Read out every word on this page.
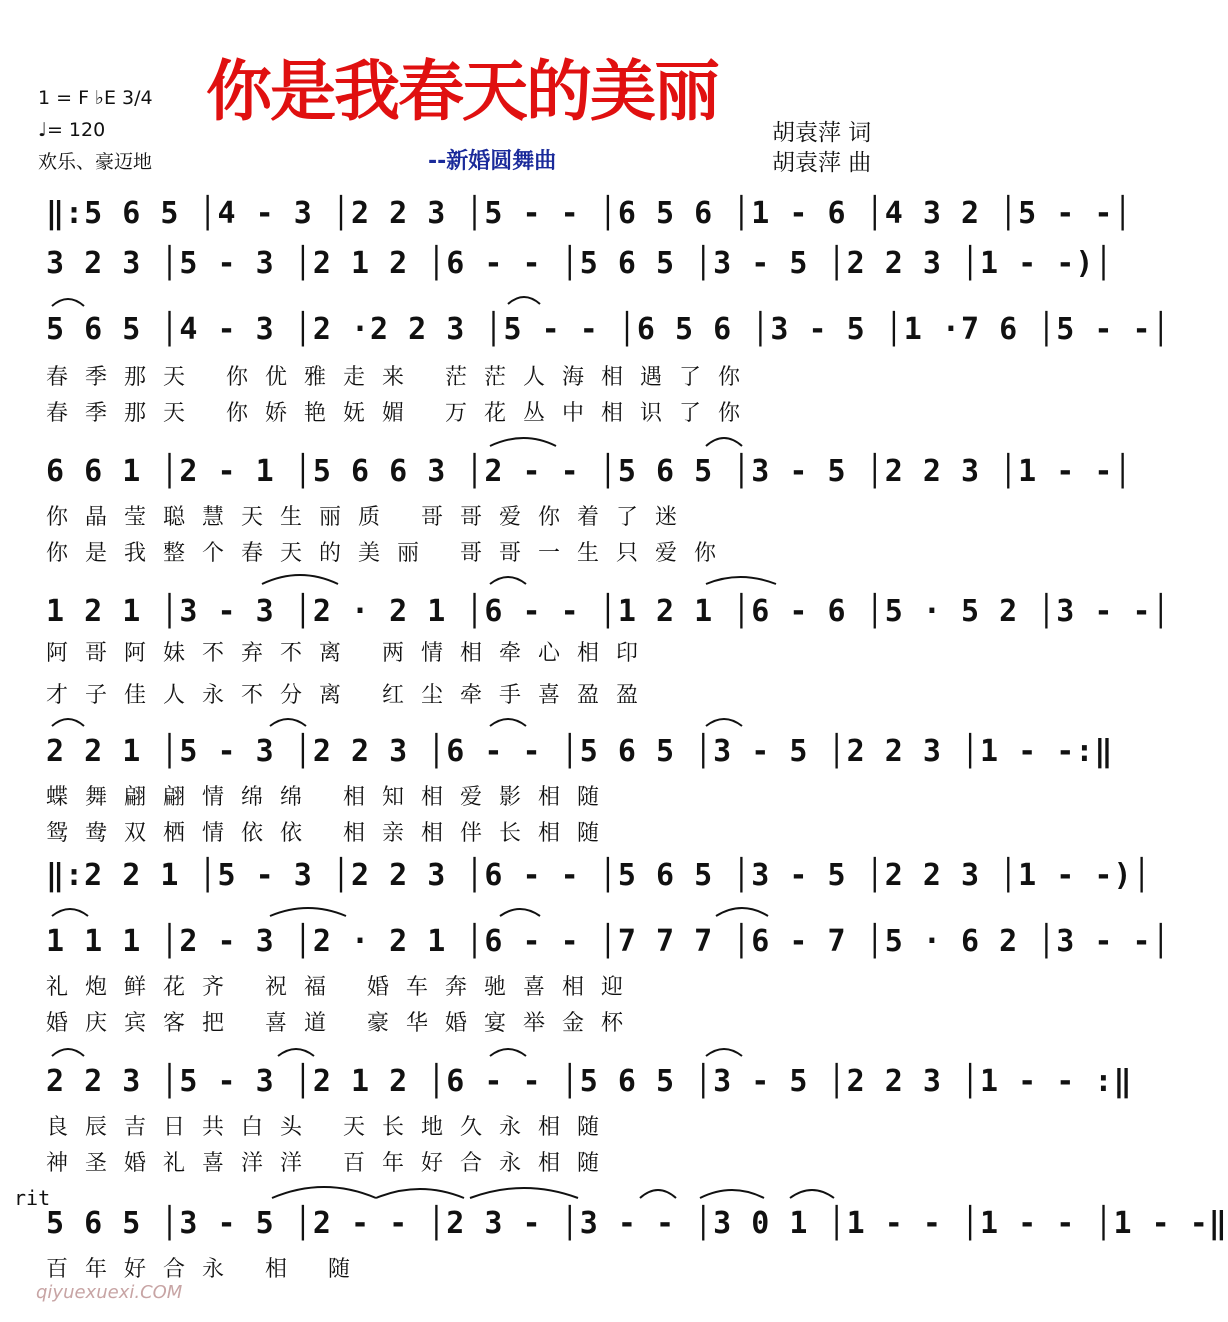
1 = F ♭E 3/4
♩= 120
欢乐、豪迈地
你是我春天的美丽
--新婚圆舞曲
胡袁萍 词
胡袁萍 曲
‖:5 6 5 │4 - 3 │2 2 3 │5 - - │6 5 6 │1 - 6 │4 3 2 │5 - -│
3 2 3 │5 - 3 │2 1 2 │6 - - │5 6 5 │3 - 5 │2 2 3 │1 - -)│
5 6 5 │4 - 3 │2 ·2 2 3 │5 - - │6 5 6 │3 - 5 │1 ·7 6 │5 - -│
春季那天 你优雅走来 茫茫人海相遇了你
春季那天 你娇艳妩媚 万花丛中相识了你
6 6 1 │2 - 1 │5 6 6 3 │2 - - │5 6 5 │3 - 5 │2 2 3 │1 - -│
你晶莹聪慧天生丽质 哥哥爱你着了迷
你是我整个春天的美丽 哥哥一生只爱你
1 2 1 │3 - 3 │2 · 2 1 │6 - - │1 2 1 │6 - 6 │5 · 5 2 │3 - -│
阿哥阿妹不弃不离 两情相牵心相印
才子佳人永不分离 红尘牵手喜盈盈
2 2 1 │5 - 3 │2 2 3 │6 - - │5 6 5 │3 - 5 │2 2 3 │1 - -:‖
蝶舞翩翩情绵绵 相知相爱影相随
鸳鸯双栖情依依 相亲相伴长相随
‖:2 2 1 │5 - 3 │2 2 3 │6 - - │5 6 5 │3 - 5 │2 2 3 │1 - -)│
1 1 1 │2 - 3 │2 · 2 1 │6 - - │7 7 7 │6 - 7 │5 · 6 2 │3 - -│
礼炮鲜花齐 祝福 婚车奔驰喜相迎
婚庆宾客把 喜道 豪华婚宴举金杯
2 2 3 │5 - 3 │2 1 2 │6 - - │5 6 5 │3 - 5 │2 2 3 │1 - - :‖
良辰吉日共白头 天长地久永相随
神圣婚礼喜洋洋 百年好合永相随
rit
5 6 5 │3 - 5 │2 - - │2 3 - │3 - - │3 0 1 │1 - - │1 - - │1 - -‖
百年好合永 相 随
qiyuexuexi.COM
